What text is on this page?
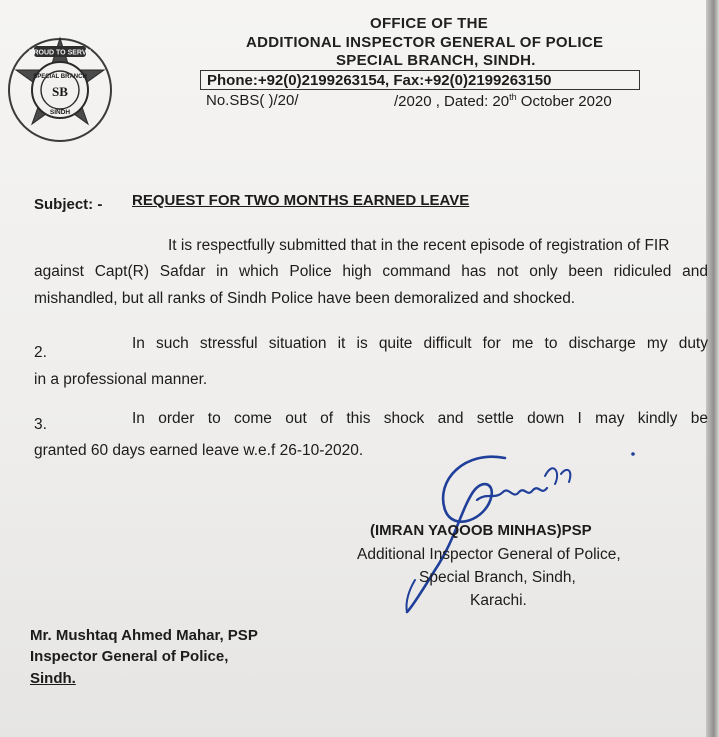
PROUD TO SERVE
SPECIAL BRANCH
SB
SINDH
OFFICE OF THE
ADDITIONAL INSPECTOR GENERAL OF POLICE
SPECIAL BRANCH, SINDH.
Phone:+92(0)2199263154, Fax:+92(0)2199263150
No.SBS( )/20/	/2020 , Dated: 20th October 2020
Subject: - REQUEST FOR TWO MONTHS EARNED LEAVE
It is respectfully submitted that in the recent episode of registration of FIR
against Capt(R) Safdar in which Police high command has not only been ridiculed and
mishandled, but all ranks of Sindh Police have been demoralized and shocked.
2.
In such stressful situation it is quite difficult for me to discharge my duty
in a professional manner.
3.	In order to come out of this shock and settle down I may kindly be
granted 60 days earned leave w.e.f 26-10-2020.
(IMRAN YAQOOB MINHAS)PSP
Additional Inspector General of Police,
Special Branch, Sindh,
Karachi.
Mr. Mushtaq Ahmed Mahar, PSP
Inspector General of Police,
Sindh.
